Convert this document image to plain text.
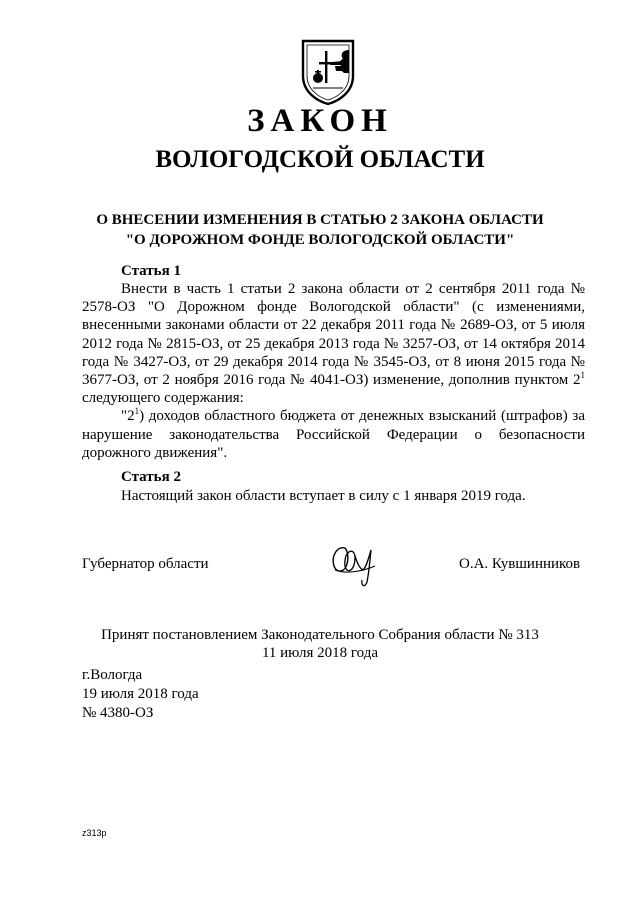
ЗАКОН
ВОЛОГОДСКОЙ ОБЛАСТИ
О ВНЕСЕНИИ ИЗМЕНЕНИЯ В СТАТЬЮ 2 ЗАКОНА ОБЛАСТИ
"О ДОРОЖНОМ ФОНДЕ ВОЛОГОДСКОЙ ОБЛАСТИ"
Статья 1

Внести в часть 1 статьи 2 закона области от 2 сентября 2011 года № 2578-ОЗ "О Дорожном фонде Вологодской области" (с изменениями, внесенными законами области от 22 декабря 2011 года № 2689-ОЗ, от 5 июля 2012 года № 2815-ОЗ, от 25 декабря 2013 года № 3257-ОЗ, от 14 октября 2014 года № 3427-ОЗ, от 29 декабря 2014 года № 3545-ОЗ, от 8 июня 2015 года № 3677-ОЗ, от 2 ноября 2016 года № 4041-ОЗ) изменение, дополнив пунктом $2^1$ следующего содержания:

"$2^1$) доходов областного бюджета от денежных взысканий (штрафов) за нарушение законодательства Российской Федерации о безопасности дорожного движения".

Статья 2

Настоящий закон области вступает в силу с 1 января 2019 года.

Губернатор области	О.А. Кувшинников
Принят постановлением Законодательного Собрания области № 313
11 июля 2018 года
г.Вологда
19 июля 2018 года
№ 4380-ОЗ
z313p
